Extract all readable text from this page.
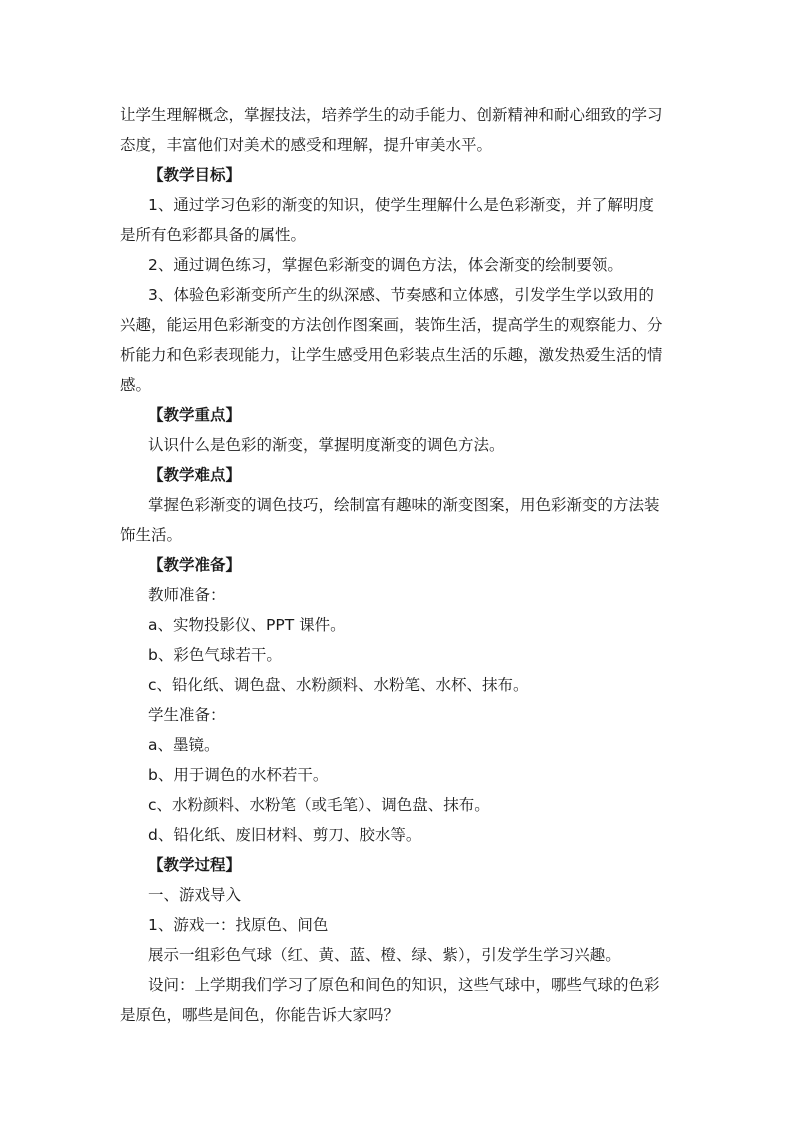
让学生理解概念，掌握技法，培养学生的动手能力、创新精神和耐心细致的学习
态度，丰富他们对美术的感受和理解，提升审美水平。
【教学目标】
1、通过学习色彩的渐变的知识，使学生理解什么是色彩渐变，并了解明度
是所有色彩都具备的属性。
2、通过调色练习，掌握色彩渐变的调色方法，体会渐变的绘制要领。
3、体验色彩渐变所产生的纵深感、节奏感和立体感，引发学生学以致用的
兴趣，能运用色彩渐变的方法创作图案画，装饰生活，提高学生的观察能力、分
析能力和色彩表现能力，让学生感受用色彩装点生活的乐趣，激发热爱生活的情
感。
【教学重点】
认识什么是色彩的渐变，掌握明度渐变的调色方法。
【教学难点】
掌握色彩渐变的调色技巧，绘制富有趣味的渐变图案，用色彩渐变的方法装
饰生活。
【教学准备】
教师准备：
a、实物投影仪、PPT 课件。
b、彩色气球若干。
c、铅化纸、调色盘、水粉颜料、水粉笔、水杯、抹布。
学生准备：
a、墨镜。
b、用于调色的水杯若干。
c、水粉颜料、水粉笔（或毛笔）、调色盘、抹布。
d、铅化纸、废旧材料、剪刀、胶水等。
【教学过程】
一、游戏导入
1、游戏一：找原色、间色
展示一组彩色气球（红、黄、蓝、橙、绿、紫），引发学生学习兴趣。
设问：上学期我们学习了原色和间色的知识，这些气球中，哪些气球的色彩
是原色，哪些是间色，你能告诉大家吗？
